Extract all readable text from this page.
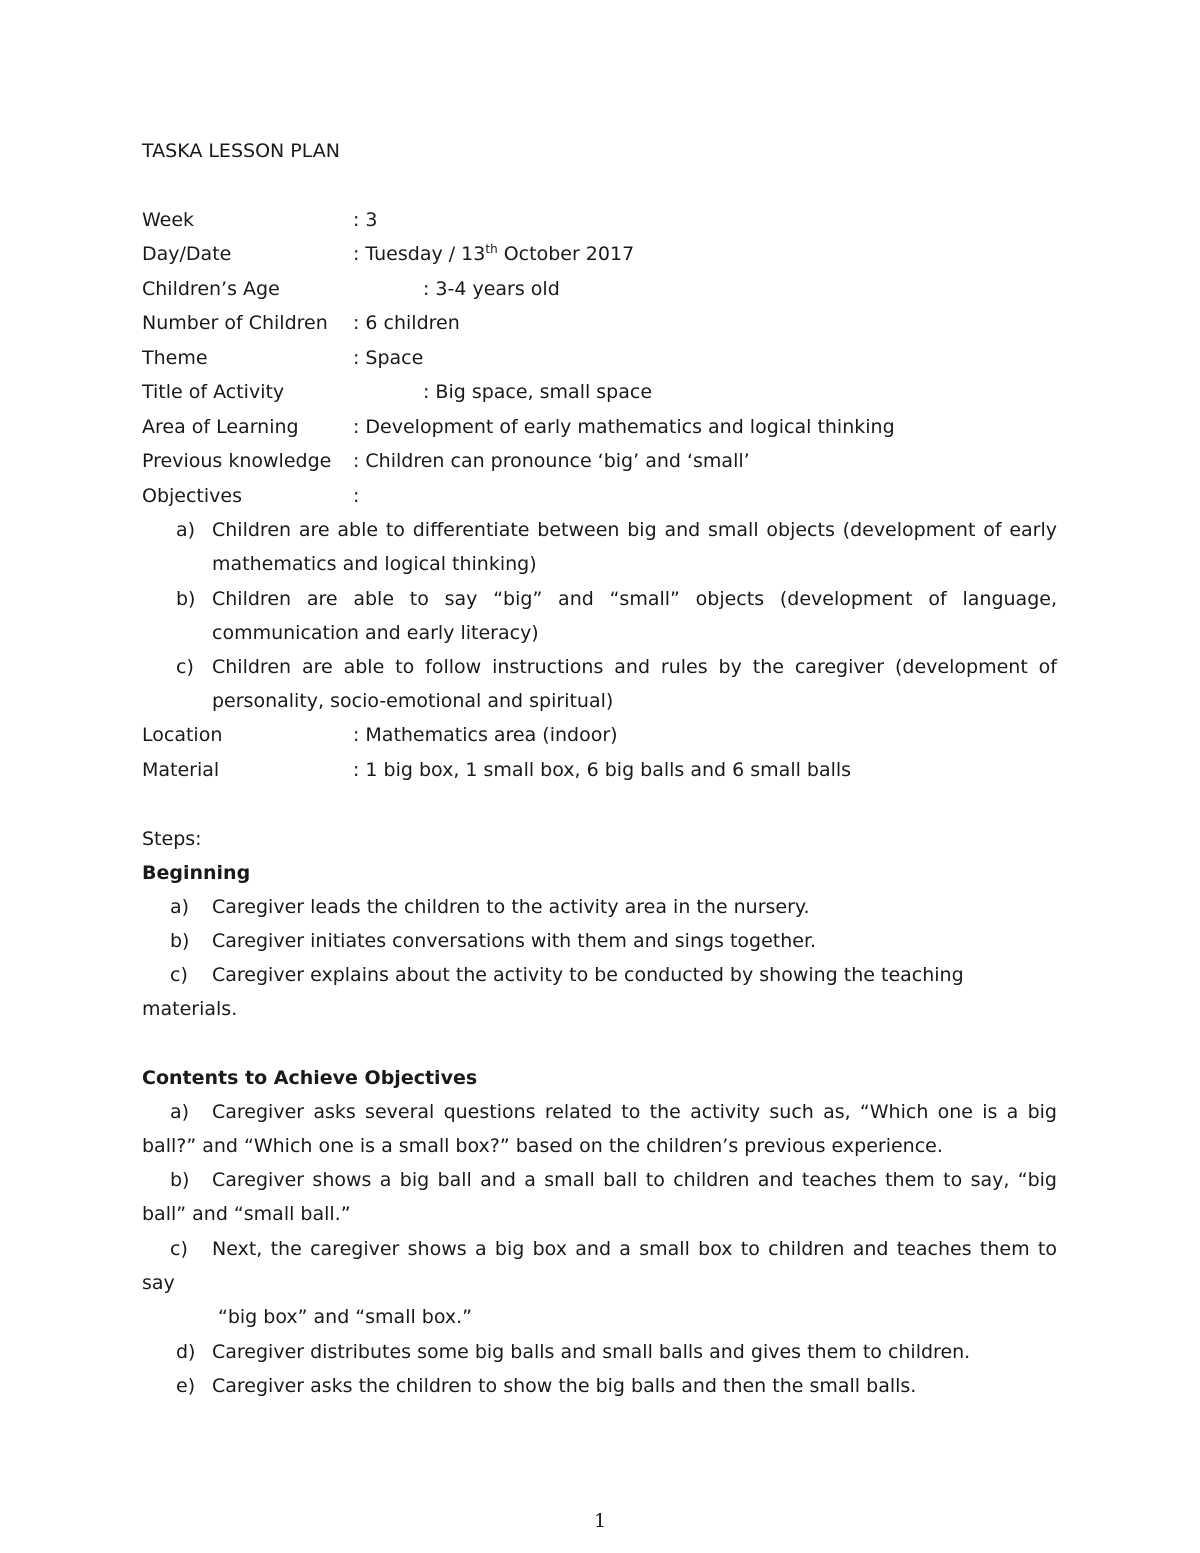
TASKA LESSON PLAN
Week	: 3
Day/Date	: Tuesday / 13th October 2017
Children’s Age	: 3-4 years old
Number of Children : 6 children
Theme	: Space
Title of Activity	: Big space, small space
Area of Learning	: Development of early mathematics and logical thinking
Previous knowledge : Children can pronounce ‘big’ and ‘small’
Objectives	:
a) Children are able to differentiate between big and small objects (development of early mathematics and logical thinking)
b) Children are able to say “big” and “small” objects (development of language, communication and early literacy)
c) Children are able to follow instructions and rules by the caregiver (development of personality, socio-emotional and spiritual)
Location	: Mathematics area (indoor)
Material	: 1 big box, 1 small box, 6 big balls and 6 small balls
Steps:
Beginning
a)	Caregiver leads the children to the activity area in the nursery.
b)	Caregiver initiates conversations with them and sings together.
c)	Caregiver explains about the activity to be conducted by showing the teaching materials.
Contents to Achieve Objectives
a)	Caregiver asks several questions related to the activity such as, “Which one is a big ball?” and “Which one is a small box?” based on the children’s previous experience.
b)	Caregiver shows a big ball and a small ball to children and teaches them to say, “big ball” and “small ball.”
c)	Next, the caregiver shows a big box and a small box to children and teaches them to say
“big box” and “small box.”
d) Caregiver distributes some big balls and small balls and gives them to children.
e) Caregiver asks the children to show the big balls and then the small balls.
1
